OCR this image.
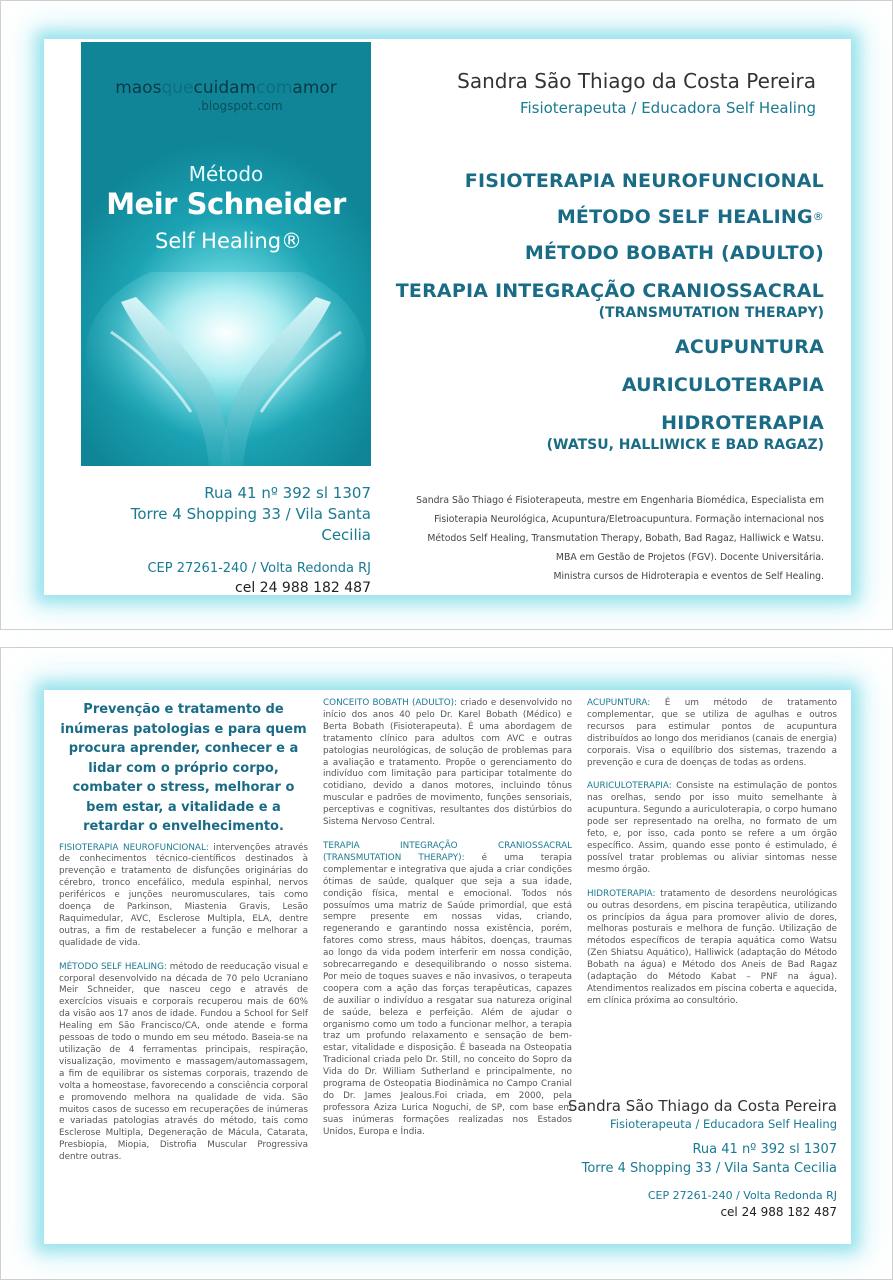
maosquecuidamcomamor
.blogspot.com
Método
Meir Schneider
Self Healing®
Rua 41 nº 392 sl 1307
Torre 4 Shopping 33 / Vila Santa Cecilia
CEP 27261-240 / Volta Redonda RJ
cel 24 988 182 487
Sandra São Thiago da Costa Pereira
Fisioterapeuta / Educadora Self Healing
FISIOTERAPIA NEUROFUNCIONAL
MÉTODO SELF HEALING®
MÉTODO BOBATH (ADULTO)
TERAPIA INTEGRAÇÃO CRANIOSSACRAL
(TRANSMUTATION THERAPY)
ACUPUNTURA
AURICULOTERAPIA
HIDROTERAPIA
(WATSU, HALLIWICK E BAD RAGAZ)
Sandra São Thiago é Fisioterapeuta, mestre em Engenharia Biomédica, Especialista em
Fisioterapia Neurológica, Acupuntura/Eletroacupuntura. Formação internacional nos
Métodos Self Healing, Transmutation Therapy, Bobath, Bad Ragaz, Halliwick e Watsu.
MBA em Gestão de Projetos (FGV). Docente Universitária.
Ministra cursos de Hidroterapia e eventos de Self Healing.
Prevenção e tratamento de inúmeras patologias e para quem procura aprender, conhecer e a lidar com o próprio corpo, combater o stress, melhorar o bem estar, a vitalidade e a retardar o envelhecimento.
FISIOTERAPIA NEUROFUNCIONAL: intervenções através de conhecimentos técnico-científicos destinados à prevenção e tratamento de disfunções originárias do cérebro, tronco encefálico, medula espinhal, nervos periféricos e junções neuromusculares, tais como doença de Parkinson, Miastenia Gravis, Lesão Raquimedular, AVC, Esclerose Multipla, ELA, dentre outras, a fim de restabelecer a função e melhorar a qualidade de vida.
MÉTODO SELF HEALING: método de reeducação visual e corporal desenvolvido na década de 70 pelo Ucraniano Meir Schneider, que nasceu cego e através de exercícios visuais e corporais recuperou mais de 60% da visão aos 17 anos de idade. Fundou a School for Self Healing em São Francisco/CA, onde atende e forma pessoas de todo o mundo em seu método. Baseia-se na utilização de 4 ferramentas principais, respiração, visualização, movimento e massagem/automassagem, a fim de equilibrar os sistemas corporais, trazendo de volta a homeostase, favorecendo a consciência corporal e promovendo melhora na qualidade de vida. São muitos casos de sucesso em recuperações de inúmeras e variadas patologias através do método, tais como Esclerose Multipla, Degeneração de Mácula, Catarata, Presbiopia, Miopia, Distrofia Muscular Progressiva dentre outras.
CONCEITO BOBATH (ADULTO): criado e desenvolvido no início dos anos 40 pelo Dr. Karel Bobath (Médico) e Berta Bobath (Fisioterapeuta). É uma abordagem de tratamento clínico para adultos com AVC e outras patologias neurológicas, de solução de problemas para a avaliação e tratamento. Propõe o gerenciamento do indivíduo com limitação para participar totalmente do cotidiano, devido a danos motores, incluindo tônus muscular e padrões de movimento, funções sensoriais, perceptivas e cognitivas, resultantes dos distúrbios do Sistema Nervoso Central.
TERAPIA INTEGRAÇÃO CRANIOSSACRAL (TRANSMUTATION THERAPY): é uma terapia complementar e integrativa que ajuda a criar condições ótimas de saúde, qualquer que seja a sua idade, condição física, mental e emocional. Todos nós possuímos uma matriz de Saúde primordial, que está sempre presente em nossas vidas, criando, regenerando e garantindo nossa existência, porém, fatores como stress, maus hábitos, doenças, traumas ao longo da vida podem interferir em nossa condição, sobrecarregando e desequilibrando o nosso sistema. Por meio de toques suaves e não invasivos, o terapeuta coopera com a ação das forças terapêuticas, capazes de auxiliar o indivíduo a resgatar sua natureza original de saúde, beleza e perfeição. Além de ajudar o organismo como um todo a funcionar melhor, a terapia traz um profundo relaxamento e sensação de bem-estar, vitalidade e disposição. É baseada na Osteopatia Tradicional criada pelo Dr. Still, no conceito do Sopro da Vida do Dr. William Sutherland e principalmente, no programa de Osteopatia Biodinâmica no Campo Cranial do Dr. James Jealous.Foi criada, em 2000, pela professora Aziza Lurica Noguchi, de SP, com base em suas inúmeras formações realizadas nos Estados Unidos, Europa e Índia.
ACUPUNTURA: É um método de tratamento complementar, que se utiliza de agulhas e outros recursos para estimular pontos de acupuntura distribuídos ao longo dos meridianos (canais de energia) corporais. Visa o equilíbrio dos sistemas, trazendo a prevenção e cura de doenças de todas as ordens.
AURICULOTERAPIA: Consiste na estimulação de pontos nas orelhas, sendo por isso muito semelhante à acupuntura. Segundo a auriculoterapia, o corpo humano pode ser representado na orelha, no formato de um feto, e, por isso, cada ponto se refere a um órgão específico. Assim, quando esse ponto é estimulado, é possível tratar problemas ou aliviar sintomas nesse mesmo órgão.
HIDROTERAPIA: tratamento de desordens neurológicas ou outras desordens, em piscina terapêutica, utilizando os princípios da água para promover alivio de dores, melhoras posturais e melhora de função. Utilização de métodos específicos de terapia aquática como Watsu (Zen Shiatsu Aquático), Halliwick (adaptação do Método Bobath na água) e Método dos Aneis de Bad Ragaz (adaptação do Método Kabat – PNF na água). Atendimentos realizados em piscina coberta e aquecida, em clínica próxima ao consultório.
Sandra São Thiago da Costa Pereira
Fisioterapeuta / Educadora Self Healing
Rua 41 nº 392 sl 1307
Torre 4 Shopping 33 / Vila Santa Cecilia
CEP 27261-240 / Volta Redonda RJ
cel 24 988 182 487
